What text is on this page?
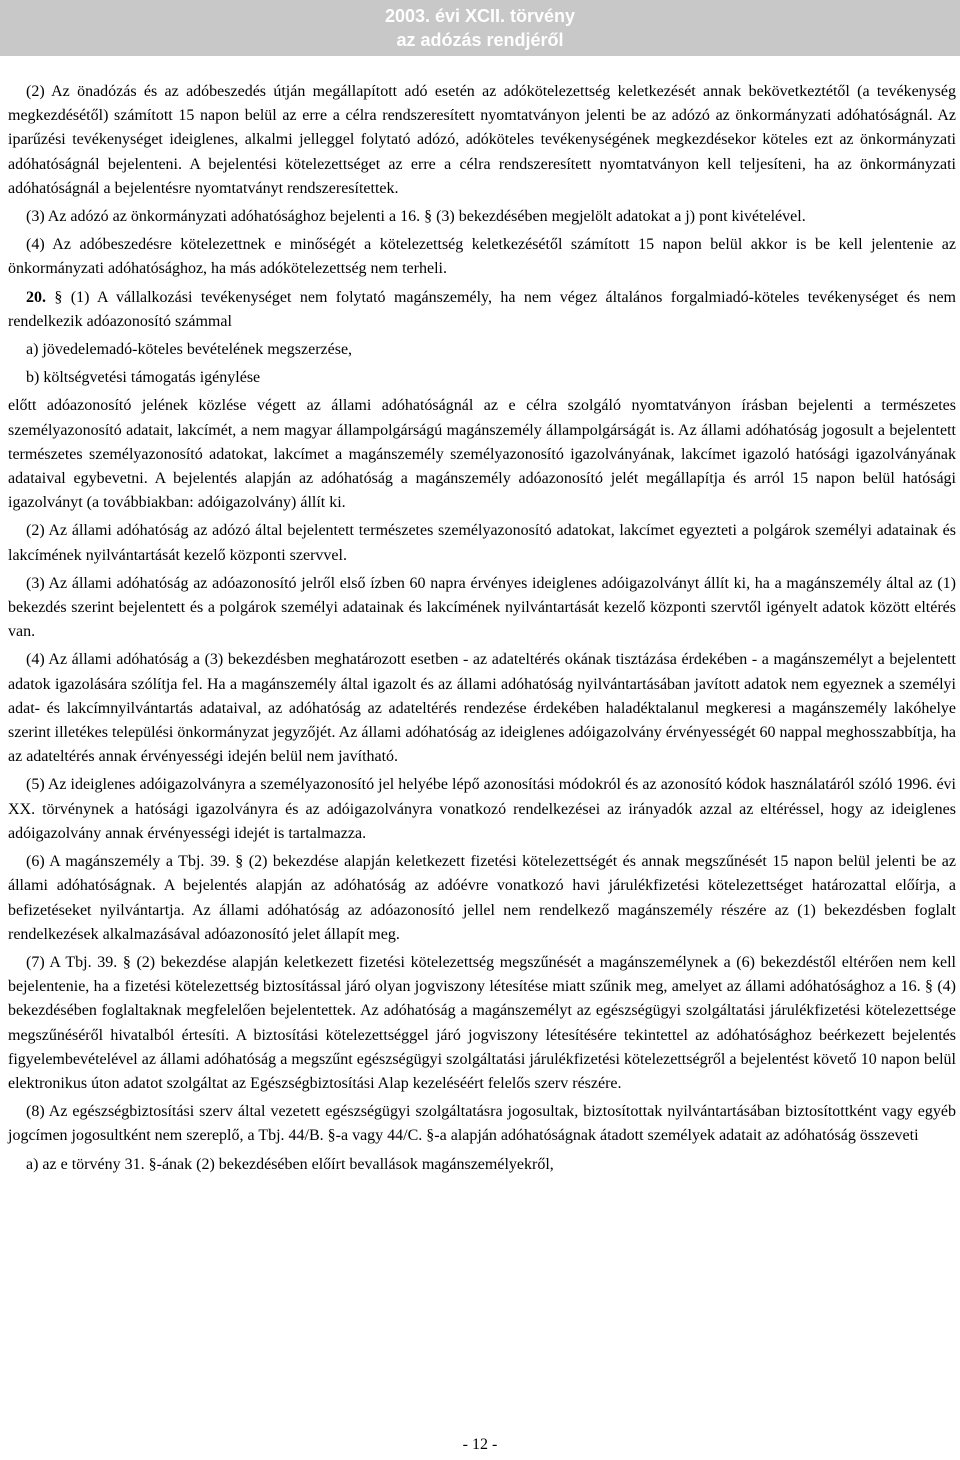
2003. évi XCII. törvény
az adózás rendjéről

(2) Az önadózás és az adóbeszedés útján megállapított adó esetén az adókötelezettség keletkezését annak bekövetkeztétől (a tevékenység megkezdésétől) számított 15 napon belül az erre a célra rendszeresített nyomtatványon jelenti be az adózó az önkormányzati adóhatóságnál. Az iparűzési tevékenységet ideiglenes, alkalmi jelleggel folytató adózó, adóköteles tevékenységének megkezdésekor köteles ezt az önkormányzati adóhatóságnál bejelenteni. A bejelentési kötelezettséget az erre a célra rendszeresített nyomtatványon kell teljesíteni, ha az önkormányzati adóhatóságnál a bejelentésre nyomtatványt rendszeresítettek.

(3) Az adózó az önkormányzati adóhatósághoz bejelenti a 16. § (3) bekezdésében megjelölt adatokat a j) pont kivételével.

(4) Az adóbeszedésre kötelezettnek e minőségét a kötelezettség keletkezésétől számított 15 napon belül akkor is be kell jelentenie az önkormányzati adóhatósághoz, ha más adókötelezettség nem terheli.

20. § (1) A vállalkozási tevékenységet nem folytató magánszemély, ha nem végez általános forgalmiadó-köteles tevékenységet és nem rendelkezik adóazonosító számmal

a) jövedelemadó-köteles bevételének megszerzése,

b) költségvetési támogatás igénylése

előtt adóazonosító jelének közlése végett az állami adóhatóságnál az e célra szolgáló nyomtatványon írásban bejelenti a természetes személyazonosító adatait, lakcímét, a nem magyar állampolgárságú magánszemély állampolgárságát is. Az állami adóhatóság jogosult a bejelentett természetes személyazonosító adatokat, lakcímet a magánszemély személyazonosító igazolványának, lakcímet igazoló hatósági igazolványának adataival egybevetni. A bejelentés alapján az adóhatóság a magánszemély adóazonosító jelét megállapítja és arról 15 napon belül hatósági igazolványt (a továbbiakban: adóigazolvány) állít ki.

(2) Az állami adóhatóság az adózó által bejelentett természetes személyazonosító adatokat, lakcímet egyezteti a polgárok személyi adatainak és lakcímének nyilvántartását kezelő központi szervvel.

(3) Az állami adóhatóság az adóazonosító jelről első ízben 60 napra érvényes ideiglenes adóigazolványt állít ki, ha a magánszemély által az (1) bekezdés szerint bejelentett és a polgárok személyi adatainak és lakcímének nyilvántartását kezelő központi szervtől igényelt adatok között eltérés van.

(4) Az állami adóhatóság a (3) bekezdésben meghatározott esetben - az adateltérés okának tisztázása érdekében - a magánszemélyt a bejelentett adatok igazolására szólítja fel. Ha a magánszemély által igazolt és az állami adóhatóság nyilvántartásában javított adatok nem egyeznek a személyi adat- és lakcímnyilvántartás adataival, az adóhatóság az adateltérés rendezése érdekében haladéktalanul megkeresi a magánszemély lakóhelye szerint illetékes települési önkormányzat jegyzőjét. Az állami adóhatóság az ideiglenes adóigazolvány érvényességét 60 nappal meghosszabbítja, ha az adateltérés annak érvényességi idején belül nem javítható.

(5) Az ideiglenes adóigazolványra a személyazonosító jel helyébe lépő azonosítási módokról és az azonosító kódok használatáról szóló 1996. évi XX. törvénynek a hatósági igazolványra és az adóigazolványra vonatkozó rendelkezései az irányadók azzal az eltéréssel, hogy az ideiglenes adóigazolvány annak érvényességi idejét is tartalmazza.

(6) A magánszemély a Tbj. 39. § (2) bekezdése alapján keletkezett fizetési kötelezettségét és annak megszűnését 15 napon belül jelenti be az állami adóhatóságnak. A bejelentés alapján az adóhatóság az adóévre vonatkozó havi járulékfizetési kötelezettséget határozattal előírja, a befizetéseket nyilvántartja. Az állami adóhatóság az adóazonosító jellel nem rendelkező magánszemély részére az (1) bekezdésben foglalt rendelkezések alkalmazásával adóazonosító jelet állapít meg.

(7) A Tbj. 39. § (2) bekezdése alapján keletkezett fizetési kötelezettség megszűnését a magánszemélynek a (6) bekezdéstől eltérően nem kell bejelentenie, ha a fizetési kötelezettség biztosítással járó olyan jogviszony létesítése miatt szűnik meg, amelyet az állami adóhatósághoz a 16. § (4) bekezdésében foglaltaknak megfelelően bejelentettek. Az adóhatóság a magánszemélyt az egészségügyi szolgáltatási járulékfizetési kötelezettsége megszűnéséről hivatalból értesíti. A biztosítási kötelezettséggel járó jogviszony létesítésére tekintettel az adóhatósághoz beérkezett bejelentés figyelembevételével az állami adóhatóság a megszűnt egészségügyi szolgáltatási járulékfizetési kötelezettségről a bejelentést követő 10 napon belül elektronikus úton adatot szolgáltat az Egészségbiztosítási Alap kezeléséért felelős szerv részére.

(8) Az egészségbiztosítási szerv által vezetett egészségügyi szolgáltatásra jogosultak, biztosítottak nyilvántartásában biztosítottként vagy egyéb jogcímen jogosultként nem szereplő, a Tbj. 44/B. §-a vagy 44/C. §-a alapján adóhatóságnak átadott személyek adatait az adóhatóság összeveti

a) az e törvény 31. §-ának (2) bekezdésében előírt bevallások magánszemélyekről,

- 12 -
